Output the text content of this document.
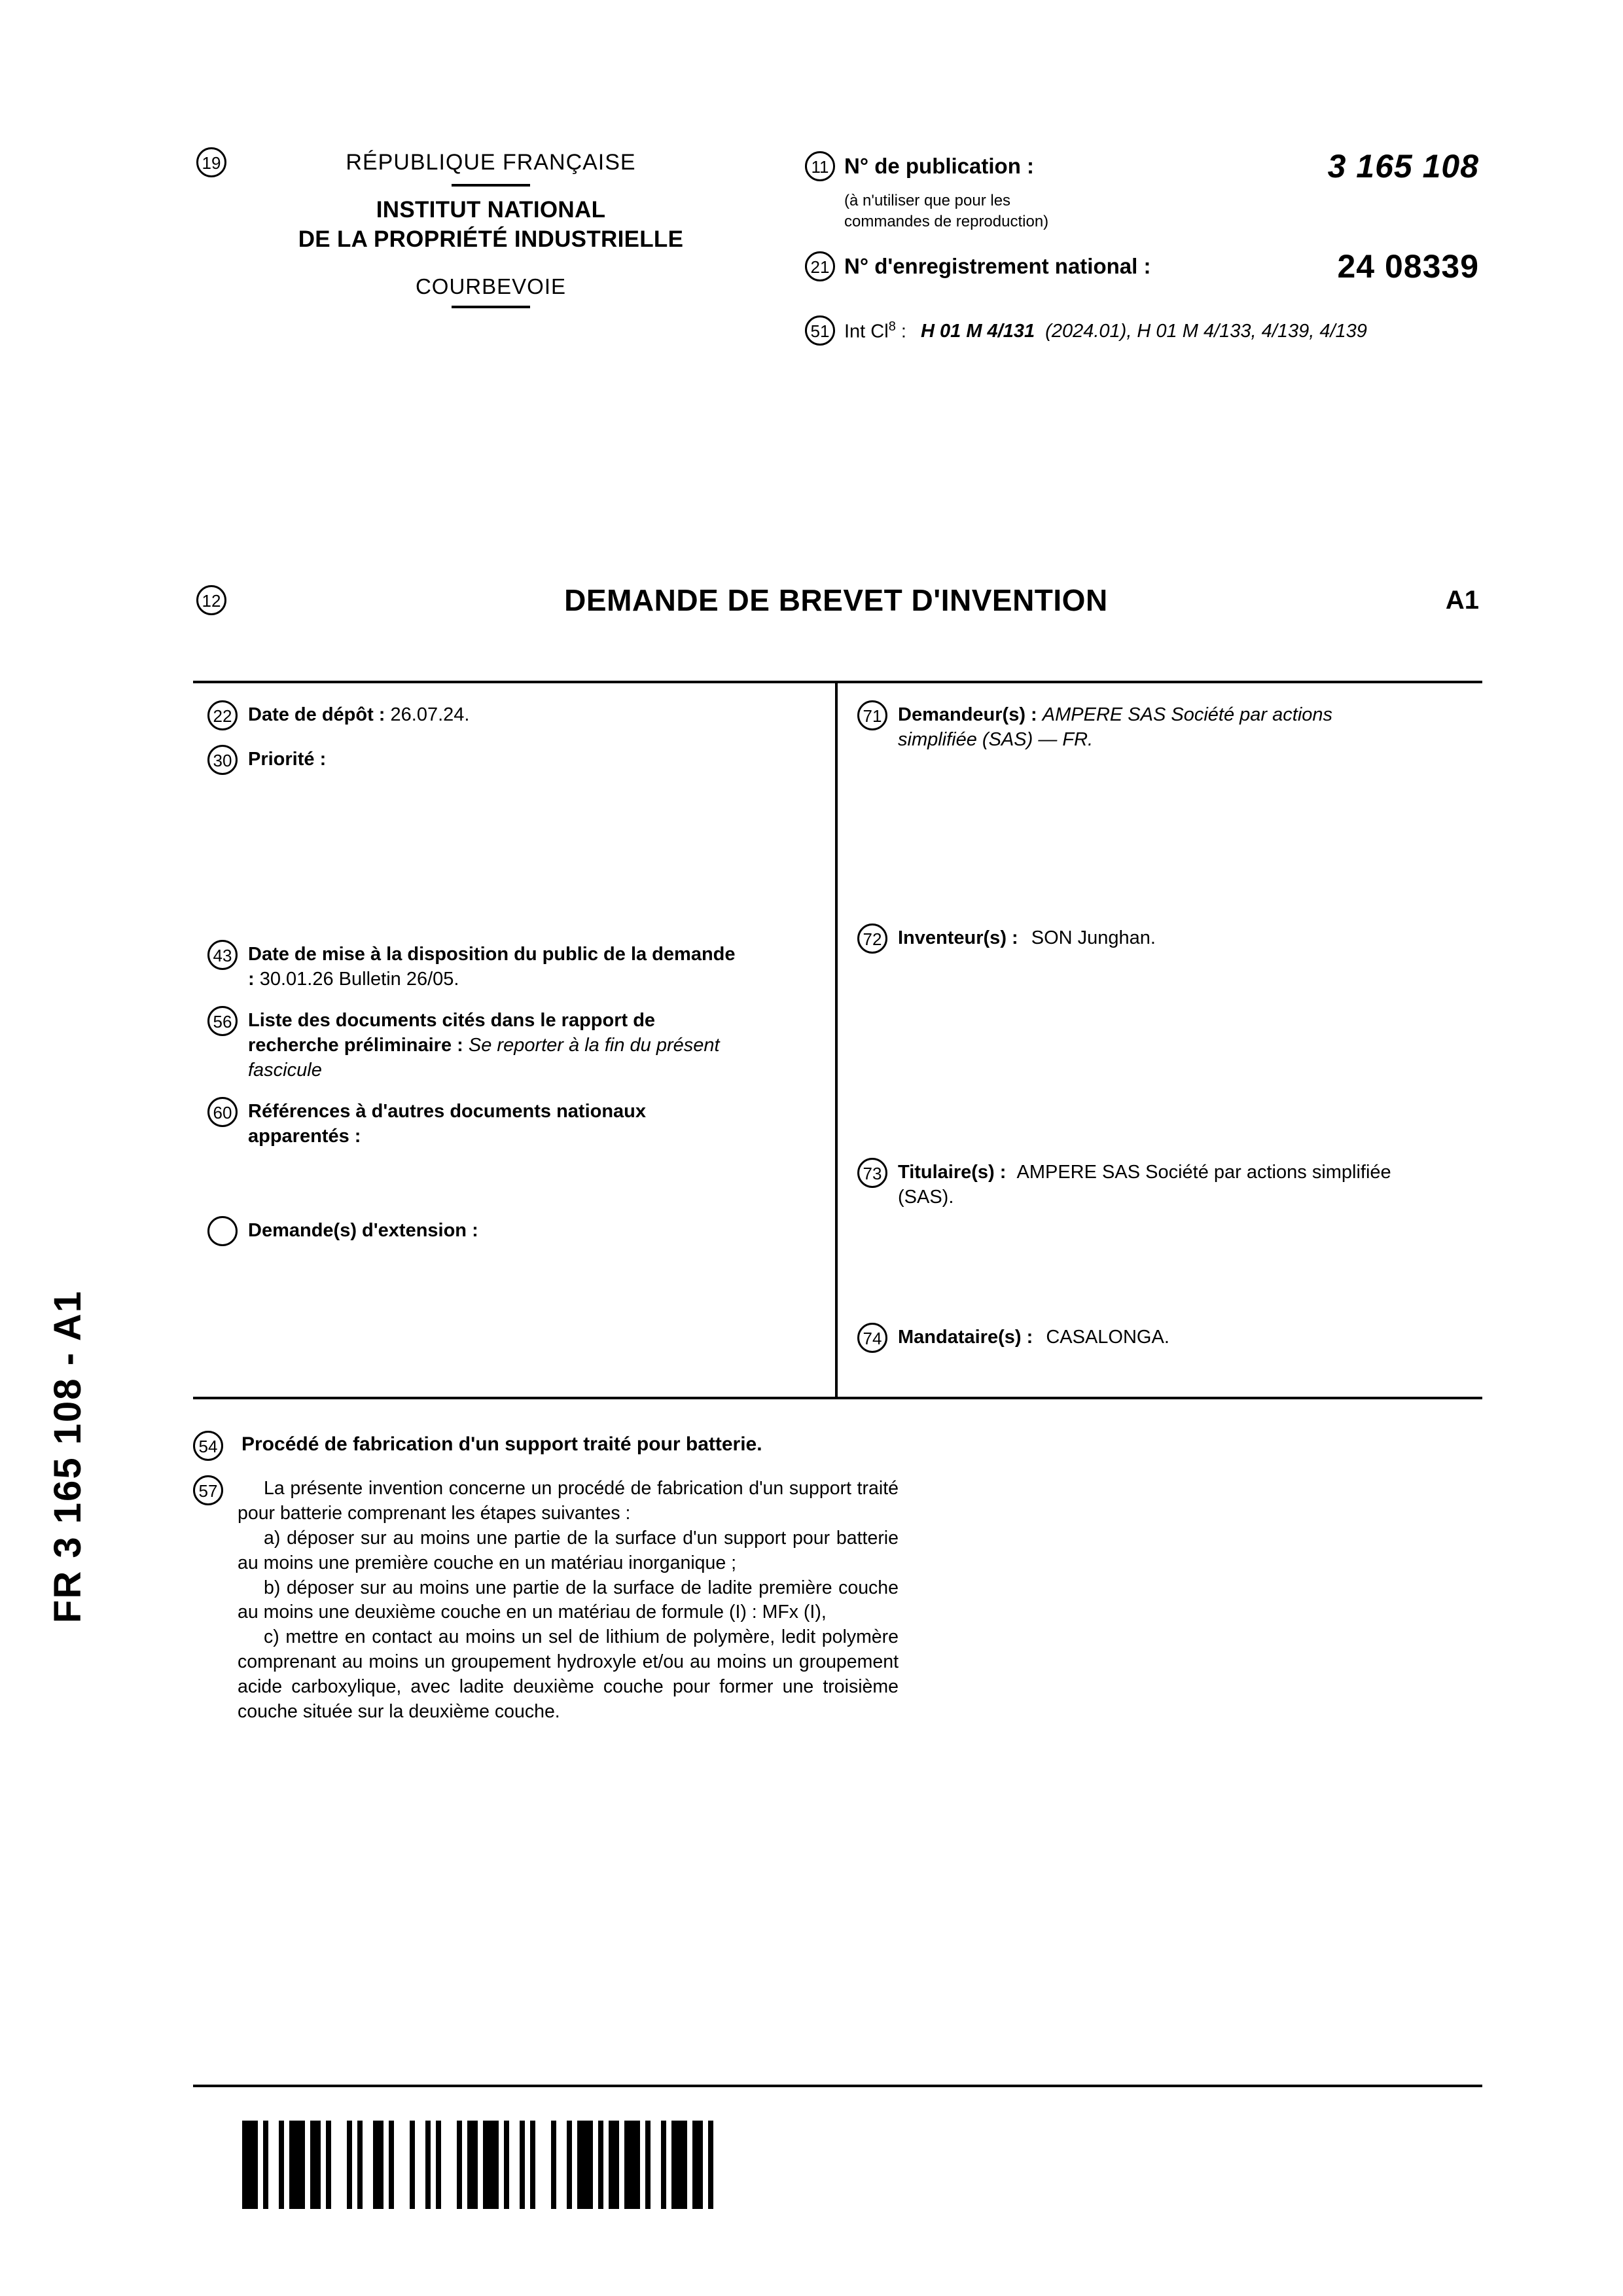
FR 3 165 108 - A1
19	RÉPUBLIQUE FRANÇAISE
INSTITUT NATIONAL
DE LA PROPRIÉTÉ INDUSTRIELLE
COURBEVOIE
11 N° de publication :	3 165 108
(à n'utiliser que pour les
commandes de reproduction)
21 N° d'enregistrement national :	24 08339
51 Int Cl$^8$ : H 01 M 4/131 (2024.01), H 01 M 4/133, 4/139, 4/139
12	DEMANDE DE BREVET D'INVENTION	A1
22 Date de dépôt : 26.07.24.
30 Priorité :
43 Date de mise à la disposition du public de la demande : 30.01.26 Bulletin 26/05.
56 Liste des documents cités dans le rapport de recherche préliminaire : Se reporter à la fin du présent fascicule
60 Références à d'autres documents nationaux apparentés :
Demande(s) d'extension :
71 Demandeur(s) : AMPERE SAS Société par actions simplifiée (SAS) — FR.
72 Inventeur(s) : SON Junghan.
73 Titulaire(s) : AMPERE SAS Société par actions simplifiée (SAS).
74 Mandataire(s) : CASALONGA.
54 Procédé de fabrication d'un support traité pour batterie.
57	La présente invention concerne un procédé de fabrication d'un support traité pour batterie comprenant les étapes suivantes :

a) déposer sur au moins une partie de la surface d'un support pour batterie au moins une première couche en un matériau inorganique ;

b) déposer sur au moins une partie de la surface de ladite première couche au moins une deuxième couche en un matériau de formule (I) : MFx (I),

c) mettre en contact au moins un sel de lithium de polymère, ledit polymère comprenant au moins un groupement hydroxyle et/ou au moins un groupement acide carboxylique, avec ladite deuxième couche pour former une troisième couche située sur la deuxième couche.
